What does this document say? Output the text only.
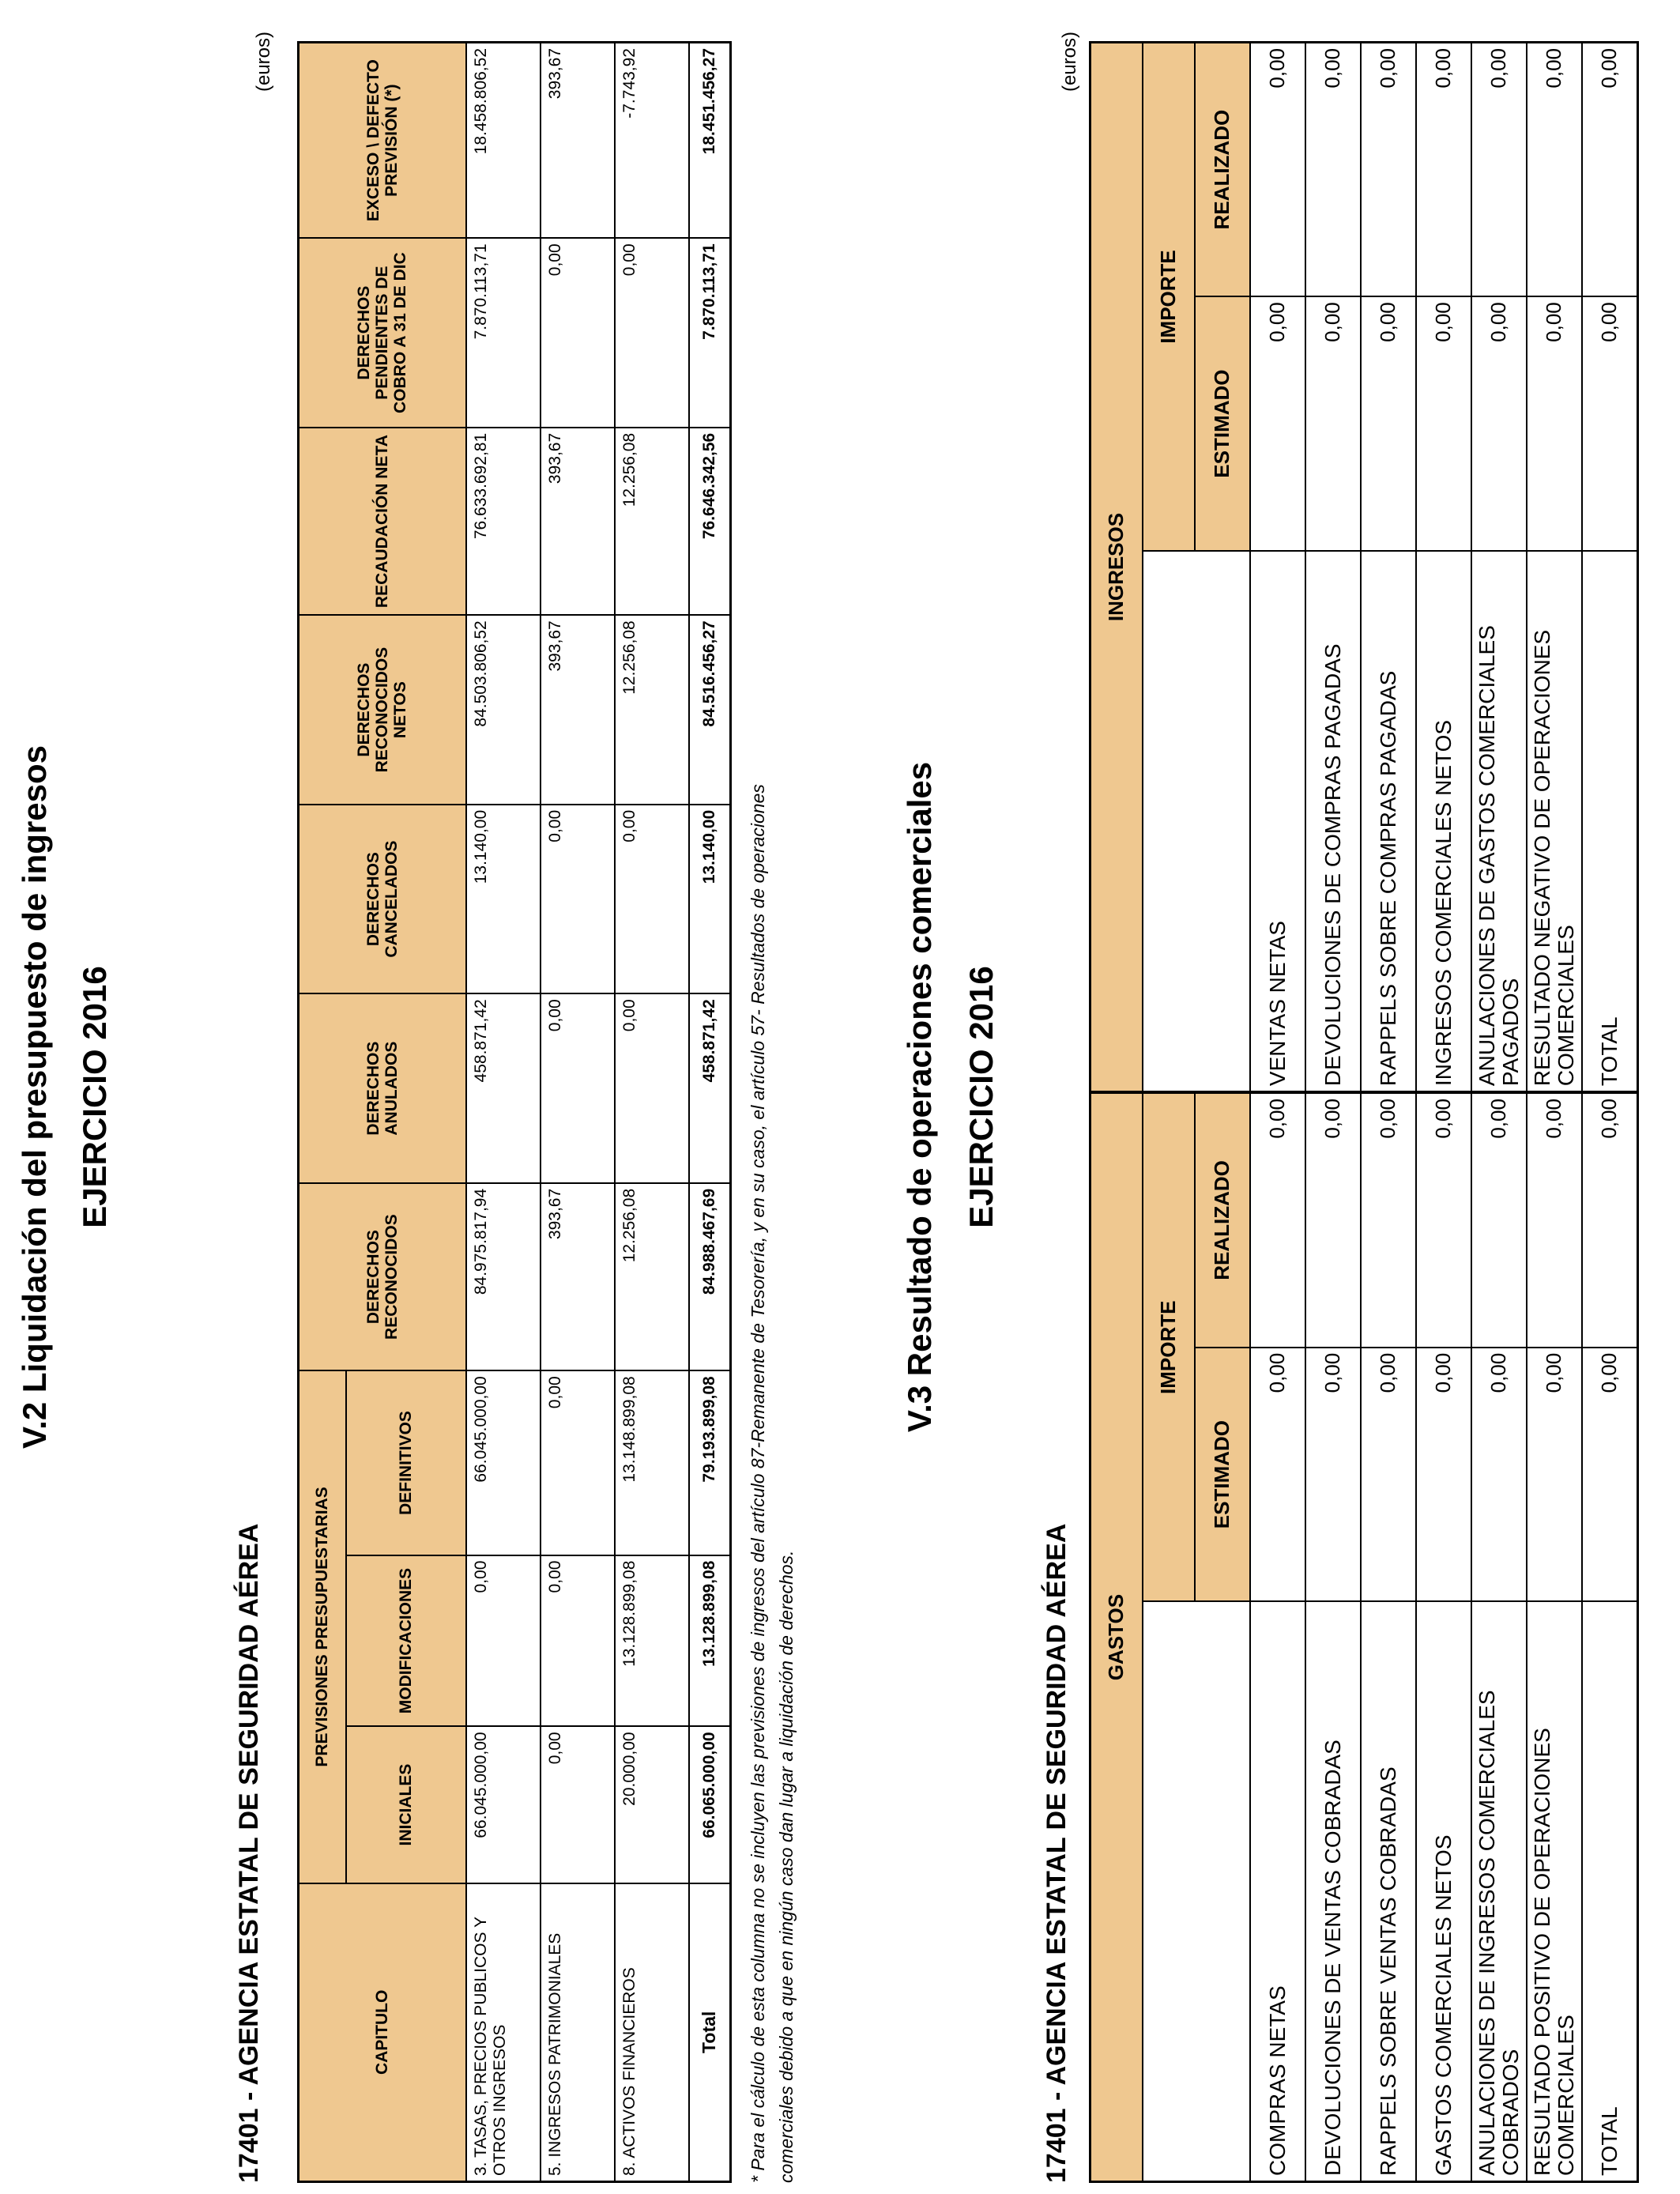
V.2 Liquidación del presupuesto de ingresos EJERCICIO 2016
17401 - AGENCIA ESTATAL DE SEGURIDAD AÉREA
(euros)
CAPITULO	PREVISIONES PRESUPUESTARIAS			DERECHOS RECONOCIDOS	DERECHOS ANULADOS	DERECHOS CANCELADOS	DERECHOS RECONOCIDOS NETOS	RECAUDACIÓN NETA	DERECHOS PENDIENTES DE COBRO A 31 DE DIC	EXCESO \ DEFECTO PREVISIÓN (*)
	INICIALES	MODIFICACIONES	DEFINITIVOS							
3. TASAS, PRECIOS PUBLICOS Y OTROS INGRESOS	66.045.000,00	0,00	66.045.000,00	84.975.817,94	458.871,42	13.140,00	84.503.806,52	76.633.692,81	7.870.113,71	18.458.806,52
5. INGRESOS PATRIMONIALES	0,00	0,00	0,00	393,67	0,00	0,00	393,67	393,67	0,00	393,67
8. ACTIVOS FINANCIEROS	20.000,00	13.128.899,08	13.148.899,08	12.256,08	0,00	0,00	12.256,08	12.256,08	0,00	-7.743,92
Total	66.065.000,00	13.128.899,08	79.193.899,08	84.988.467,69	458.871,42	13.140,00	84.516.456,27	76.646.342,56	7.870.113,71	18.451.456,27
* Para el cálculo de esta columna no se incluyen las previsiones de ingresos del artículo 87-Remanente de Tesorería, y en su caso, el artículo 57- Resultados de operaciones comerciales debido a que en ningún caso dan lugar a liquidación de derechos.
V.3 Resultado de operaciones comerciales EJERCICIO 2016
17401 - AGENCIA ESTATAL DE SEGURIDAD AÉREA
(euros)
GASTOS			INGRESOS		
	IMPORTE			IMPORTE	
	ESTIMADO	REALIZADO		ESTIMADO	REALIZADO
COMPRAS NETAS	0,00	0,00	VENTAS NETAS	0,00	0,00
DEVOLUCIONES DE VENTAS COBRADAS	0,00	0,00	DEVOLUCIONES DE COMPRAS PAGADAS	0,00	0,00
RAPPELS SOBRE VENTAS COBRADAS	0,00	0,00	RAPPELS SOBRE COMPRAS PAGADAS	0,00	0,00
GASTOS COMERCIALES NETOS	0,00	0,00	INGRESOS COMERCIALES NETOS	0,00	0,00
ANULACIONES DE INGRESOS COMERCIALES COBRADOS	0,00	0,00	ANULACIONES DE GASTOS COMERCIALES PAGADOS	0,00	0,00
RESULTADO POSITIVO DE OPERACIONES COMERCIALES	0,00	0,00	RESULTADO NEGATIVO DE OPERACIONES COMERCIALES	0,00	0,00
TOTAL	0,00	0,00	TOTAL	0,00	0,00
